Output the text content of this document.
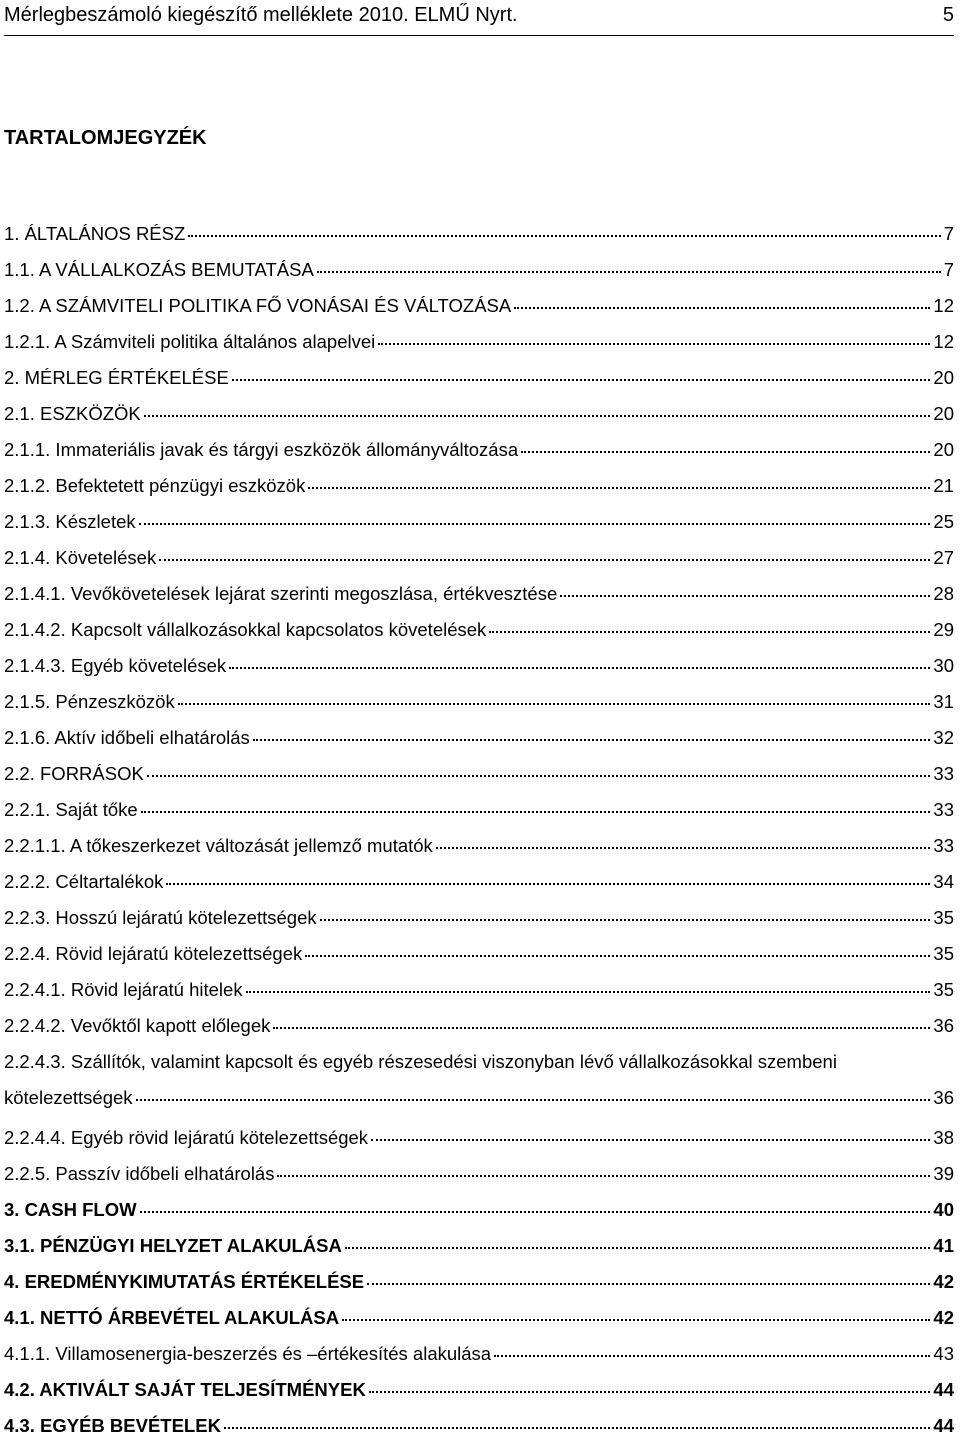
Mérlegbeszámoló kiegészítő melléklete 2010. ELMŰ Nyrt.	5
TARTALOMJEGYZÉK
1. ÁLTALÁNOS RÉSZ	7
1.1. A VÁLLALKOZÁS BEMUTATÁSA	7
1.2. A SZÁMVITELI POLITIKA FŐ VONÁSAI ÉS VÁLTOZÁSA	12
1.2.1. A Számviteli politika általános alapelvei	12
2. MÉRLEG ÉRTÉKELÉSE	20
2.1. ESZKÖZÖK	20
2.1.1. Immateriális javak és tárgyi eszközök állományváltozása	20
2.1.2. Befektetett pénzügyi eszközök	21
2.1.3. Készletek	25
2.1.4. Követelések	27
2.1.4.1. Vevőkövetelések lejárat szerinti megoszlása, értékvesztése	28
2.1.4.2. Kapcsolt vállalkozásokkal kapcsolatos követelések	29
2.1.4.3. Egyéb követelések	30
2.1.5. Pénzeszközök	31
2.1.6. Aktív időbeli elhatárolás	32
2.2. FORRÁSOK	33
2.2.1. Saját tőke	33
2.2.1.1. A tőkeszerkezet változását jellemző mutatók	33
2.2.2. Céltartalékok	34
2.2.3. Hosszú lejáratú kötelezettségek	35
2.2.4. Rövid lejáratú kötelezettségek	35
2.2.4.1. Rövid lejáratú hitelek	35
2.2.4.2. Vevőktől kapott előlegek	36
2.2.4.3. Szállítók, valamint kapcsolt és egyéb részesedési viszonyban lévő vállalkozásokkal szembeni
kötelezettségek	36
2.2.4.4. Egyéb rövid lejáratú kötelezettségek	38
2.2.5. Passzív időbeli elhatárolás	39
3. CASH FLOW	40
3.1. PÉNZÜGYI HELYZET ALAKULÁSA	41
4. EREDMÉNYKIMUTATÁS ÉRTÉKELÉSE	42
4.1. NETTÓ ÁRBEVÉTEL ALAKULÁSA	42
4.1.1. Villamosenergia-beszerzés és –értékesítés alakulása	43
4.2. AKTIVÁLT SAJÁT TELJESÍTMÉNYEK	44
4.3. EGYÉB BEVÉTELEK	44
